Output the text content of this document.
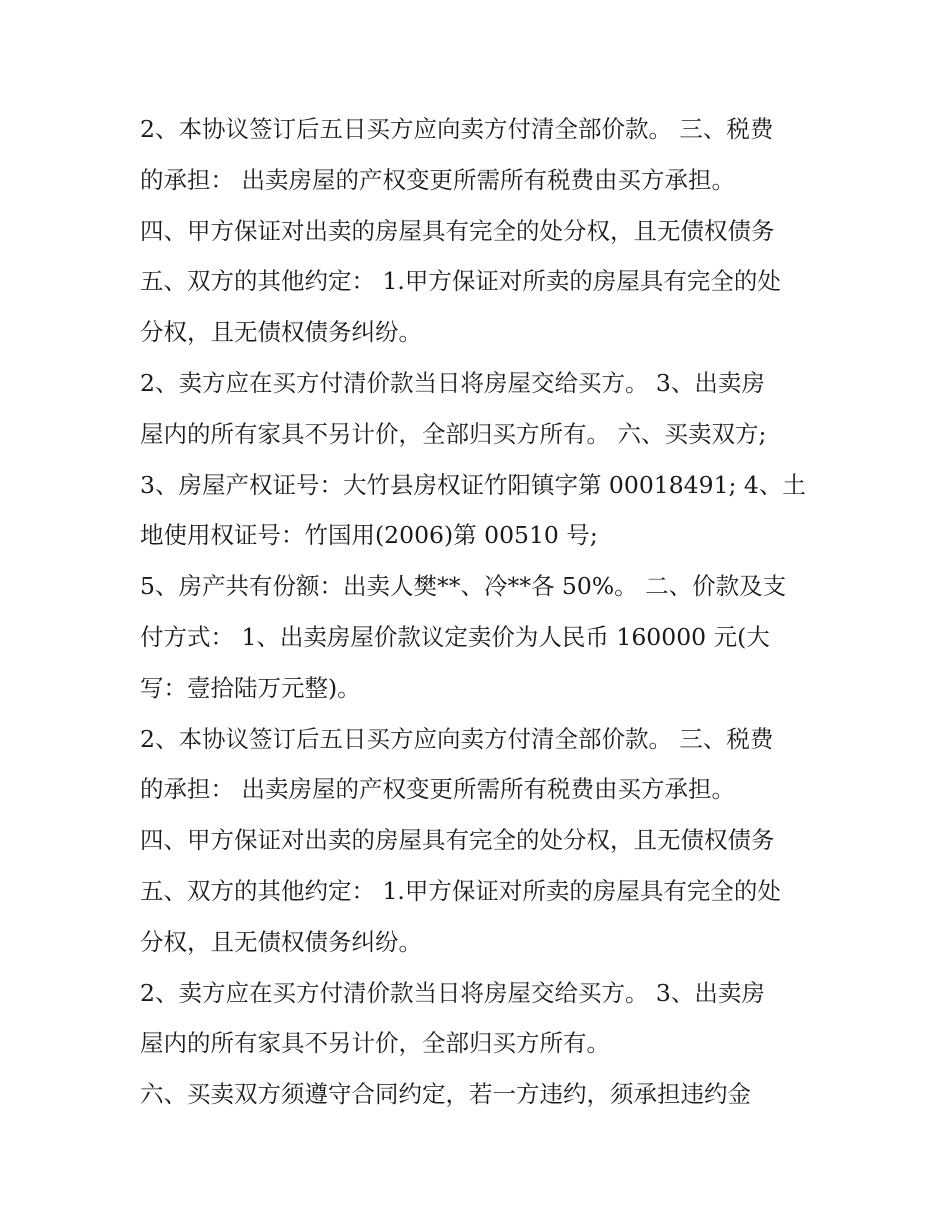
2、本协议签订后五日买方应向卖方付清全部价款。 三、税费
的承担： 出卖房屋的产权变更所需所有税费由买方承担。
四、甲方保证对出卖的房屋具有完全的处分权，且无债权债务
五、双方的其他约定： 1.甲方保证对所卖的房屋具有完全的处
分权，且无债权债务纠纷。
2、卖方应在买方付清价款当日将房屋交给买方。 3、出卖房
屋内的所有家具不另计价，全部归买方所有。 六、买卖双方;
3、房屋产权证号：大竹县房权证竹阳镇字第 00018491; 4、土
地使用权证号：竹国用(2006)第 00510 号;
5、房产共有份额：出卖人樊**、冷**各 50%。 二、价款及支
付方式： 1、出卖房屋价款议定卖价为人民币 160000 元(大
写：壹拾陆万元整)。
2、本协议签订后五日买方应向卖方付清全部价款。 三、税费
的承担： 出卖房屋的产权变更所需所有税费由买方承担。
四、甲方保证对出卖的房屋具有完全的处分权，且无债权债务
五、双方的其他约定： 1.甲方保证对所卖的房屋具有完全的处
分权，且无债权债务纠纷。
2、卖方应在买方付清价款当日将房屋交给买方。 3、出卖房
屋内的所有家具不另计价，全部归买方所有。
六、买卖双方须遵守合同约定，若一方违约，须承担违约金
